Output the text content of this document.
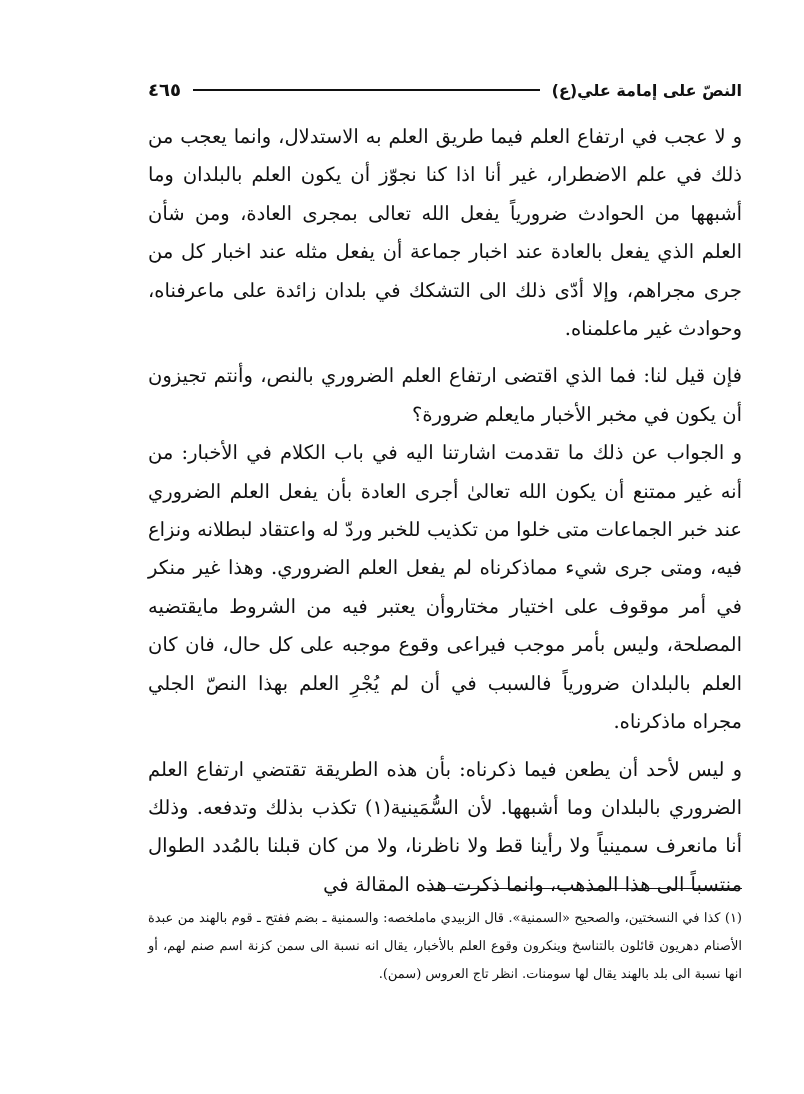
النصّ على إمامة علي(ع)
٤٦٥

و لا عجب في ارتفاع العلم فيما طريق العلم به الاستدلال، وانما يعجب من ذلك في علم الاضطرار، غير أنا اذا كنا نجوّز أن يكون العلم بالبلدان وما أشبهها من الحوادث ضرورياً يفعل الله تعالى بمجرى العادة، ومن شأن العلم الذي يفعل بالعادة عند اخبار جماعة أن يفعل مثله عند اخبار كل من جرى مجراهم، وإلا أدّى ذلك الى التشكك في بلدان زائدة على ماعرفناه، وحوادث غير ماعلمناه.

فإن قيل لنا: فما الذي اقتضى ارتفاع العلم الضروري بالنص، وأنتم تجيزون أن يكون في مخبر الأخبار مايعلم ضرورة؟

و الجواب عن ذلك ما تقدمت اشارتنا اليه في باب الكلام في الأخبار: من أنه غير ممتنع أن يكون الله تعالىٰ أجرى العادة بأن يفعل العلم الضروري عند خبر الجماعات متى خلوا من تكذيب للخبر وردّ له واعتقاد لبطلانه ونزاع فيه، ومتى جرى شيء مماذكرناه لم يفعل العلم الضروري. وهذا غير منكر في أمر موقوف على اختيار مختاروأن يعتبر فيه من الشروط مايقتضيه المصلحة، وليس بأمر موجب فيراعى وقوع موجبه على كل حال، فان كان العلم بالبلدان ضرورياً فالسبب في أن لم يُجْرِ العلم بهذا النصّ الجلي مجراه ماذكرناه.

و ليس لأحد أن يطعن فيما ذكرناه: بأن هذه الطريقة تقتضي ارتفاع العلم الضروري بالبلدان وما أشبهها. لأن السُّمَينية(١) تكذب بذلك وتدفعه. وذلك أنا مانعرف سمينياً ولا رأينا قط ولا ناظرنا، ولا من كان قبلنا بالمُدد الطوال منتسباً الى هذا المذهب، وانما ذكرت هذه المقالة في

(١) كذا في النسختين، والصحيح «السمنية». قال الزبيدي ماملخصه: والسمنية ـ بضم ففتح ـ قوم بالهند من عبدة الأصنام دهريون قائلون بالتناسخ وينكرون وقوع العلم بالأخبار، يقال انه نسبة الى سمن كزنة اسم صنم لهم، أو انها نسبة الى بلد بالهند يقال لها سومنات. انظر تاج العروس (سمن).
